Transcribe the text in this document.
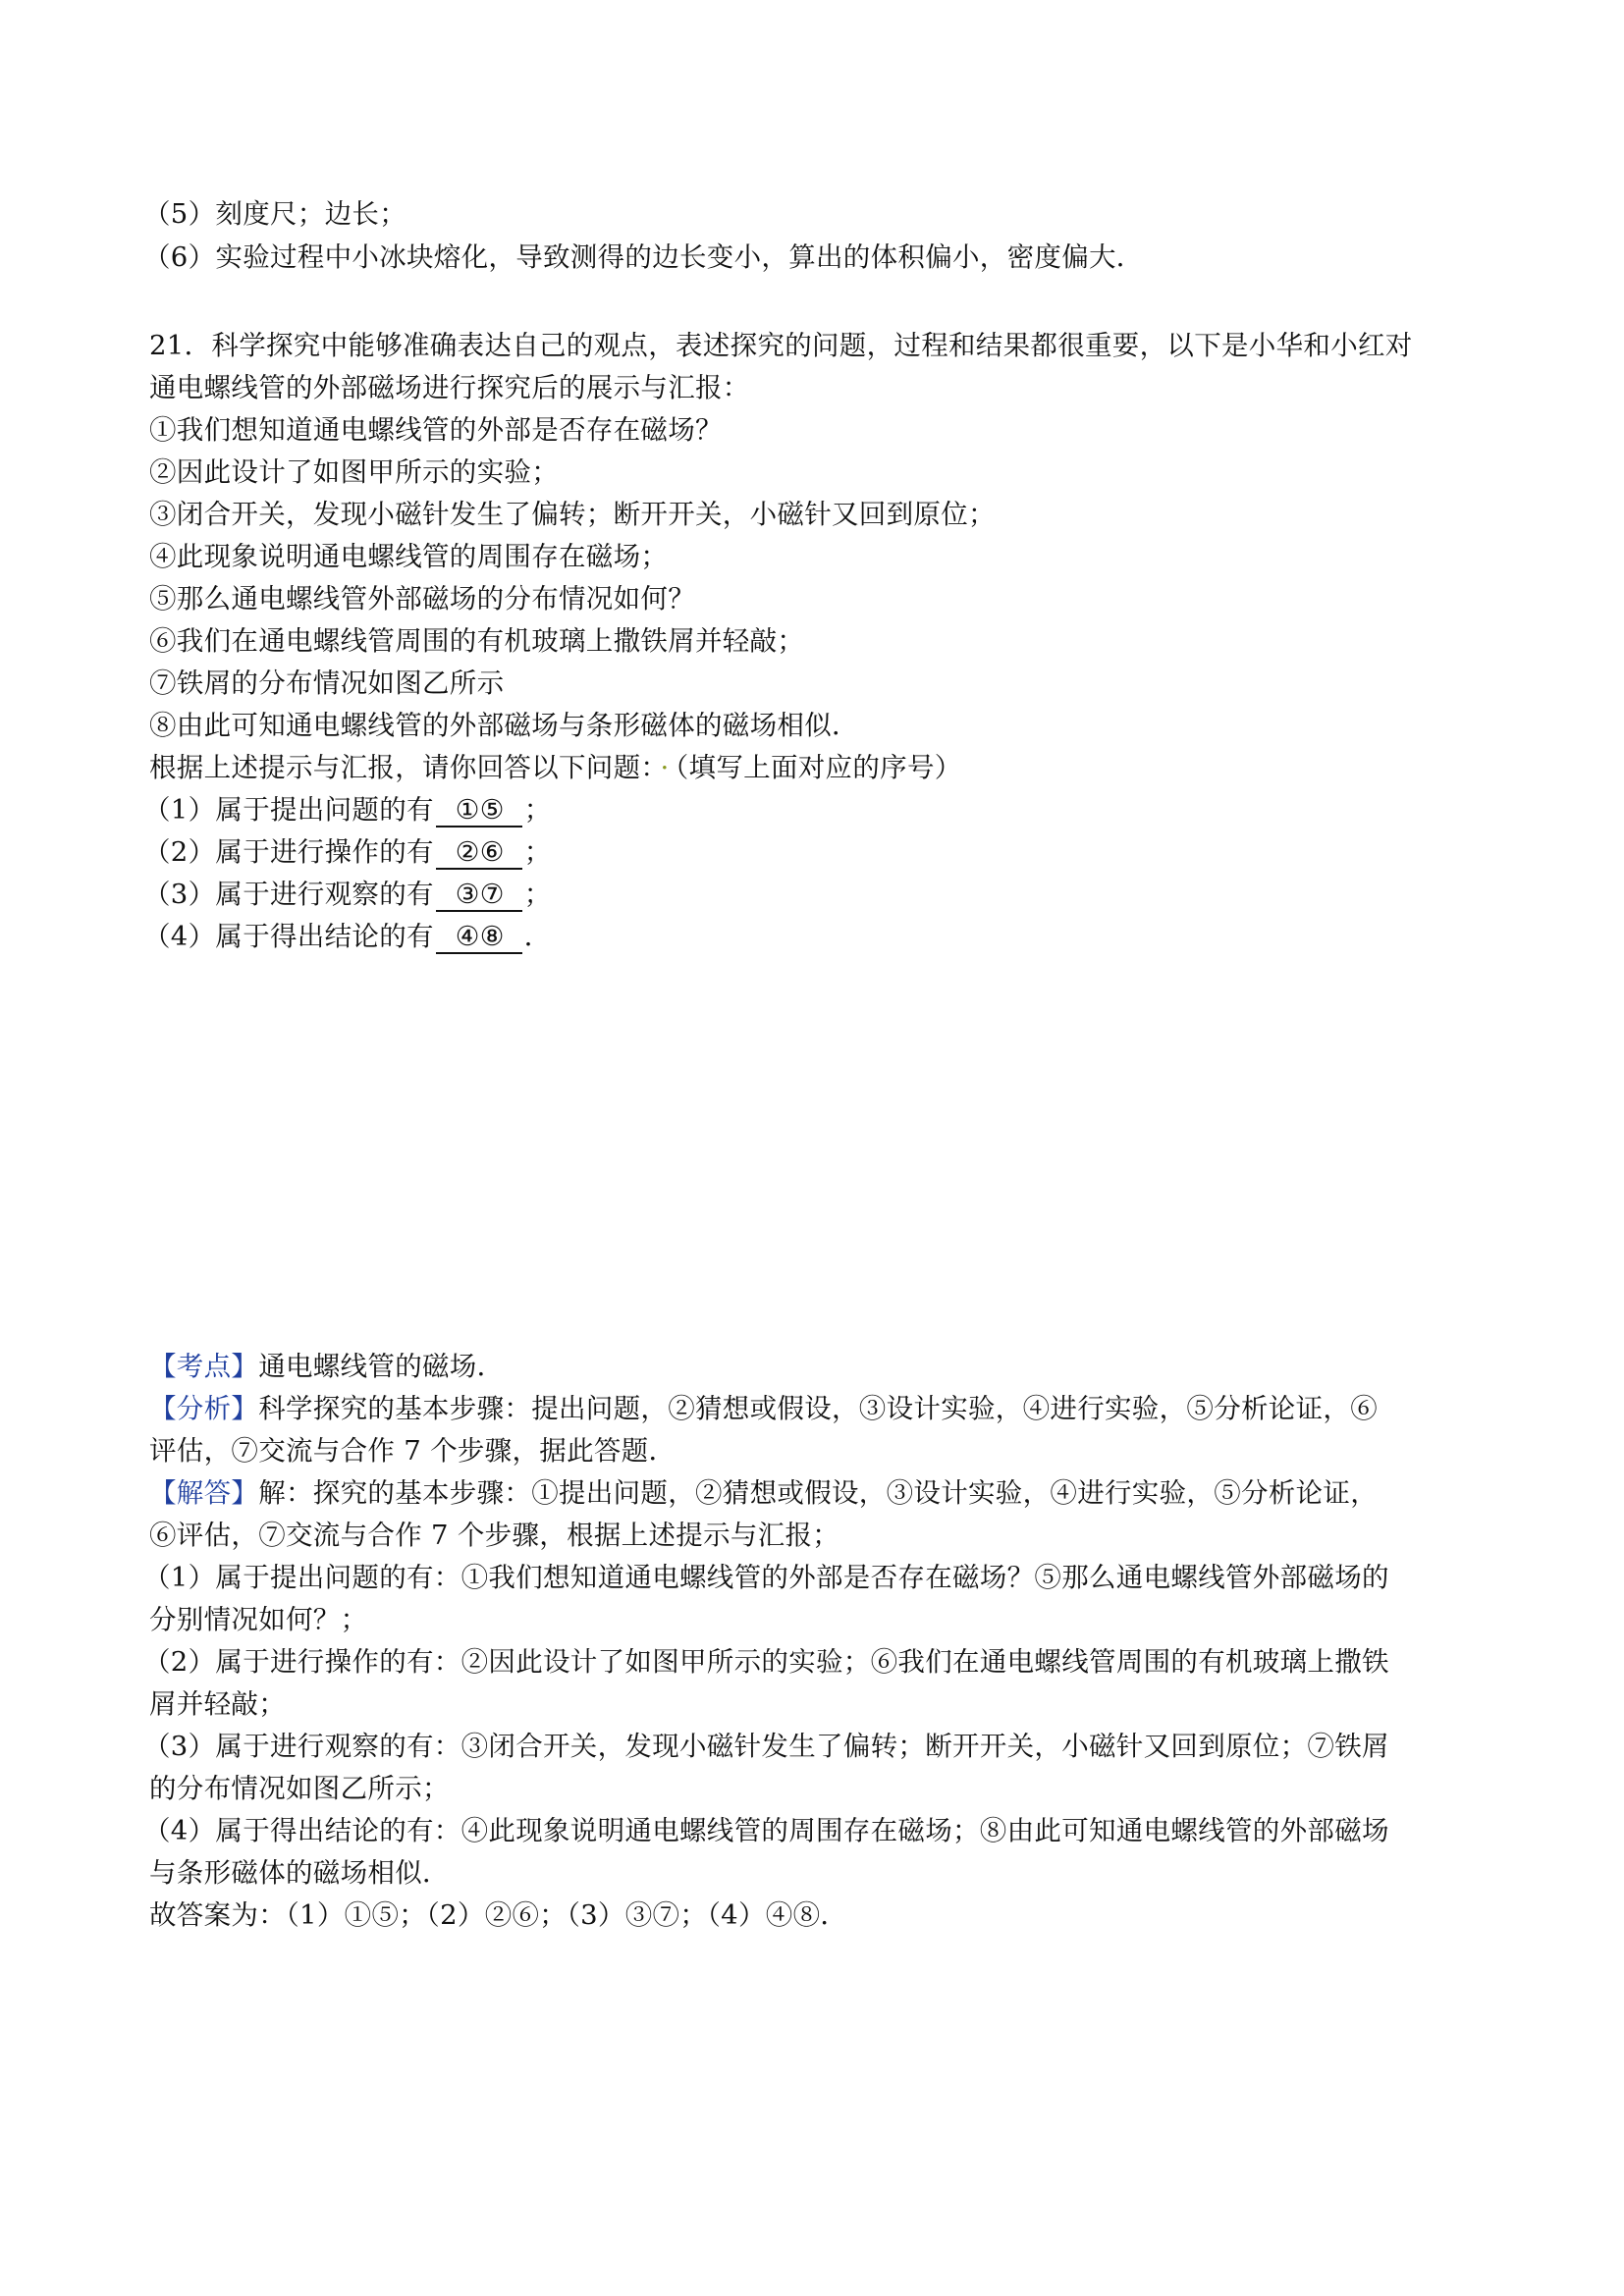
（5）刻度尺；边长；
（6）实验过程中小冰块熔化，导致测得的边长变小，算出的体积偏小，密度偏大．
21．科学探究中能够准确表达自己的观点，表述探究的问题，过程和结果都很重要，以下是小华和小红对
通电螺线管的外部磁场进行探究后的展示与汇报：
①我们想知道通电螺线管的外部是否存在磁场？
②因此设计了如图甲所示的实验；
③闭合开关，发现小磁针发生了偏转；断开开关，小磁针又回到原位；
④此现象说明通电螺线管的周围存在磁场；
⑤那么通电螺线管外部磁场的分布情况如何？
⑥我们在通电螺线管周围的有机玻璃上撒铁屑并轻敲；
⑦铁屑的分布情况如图乙所示
⑧由此可知通电螺线管的外部磁场与条形磁体的磁场相似．
根据上述提示与汇报，请你回答以下问题： · （填写上面对应的序号）
（1）属于提出问题的有 ①⑤ ；
（2）属于进行操作的有 ②⑥ ；
（3）属于进行观察的有 ③⑦ ；
（4）属于得出结论的有 ④⑧ ．
【考点】通电螺线管的磁场．
【分析】科学探究的基本步骤：提出问题，②猜想或假设，③设计实验，④进行实验，⑤分析论证，⑥
评估，⑦交流与合作 7 个步骤，据此答题．
【解答】解：探究的基本步骤：①提出问题，②猜想或假设，③设计实验，④进行实验，⑤分析论证，
⑥评估，⑦交流与合作 7 个步骤，根据上述提示与汇报；
（1）属于提出问题的有：①我们想知道通电螺线管的外部是否存在磁场？⑤那么通电螺线管外部磁场的
分别情况如何？；
（2）属于进行操作的有：②因此设计了如图甲所示的实验；⑥我们在通电螺线管周围的有机玻璃上撒铁
屑并轻敲；
（3）属于进行观察的有：③闭合开关，发现小磁针发生了偏转；断开开关，小磁针又回到原位；⑦铁屑
的分布情况如图乙所示；
（4）属于得出结论的有：④此现象说明通电螺线管的周围存在磁场；⑧由此可知通电螺线管的外部磁场
与条形磁体的磁场相似．
故答案为：（1）①⑤；（2）②⑥；（3）③⑦；（4）④⑧．
